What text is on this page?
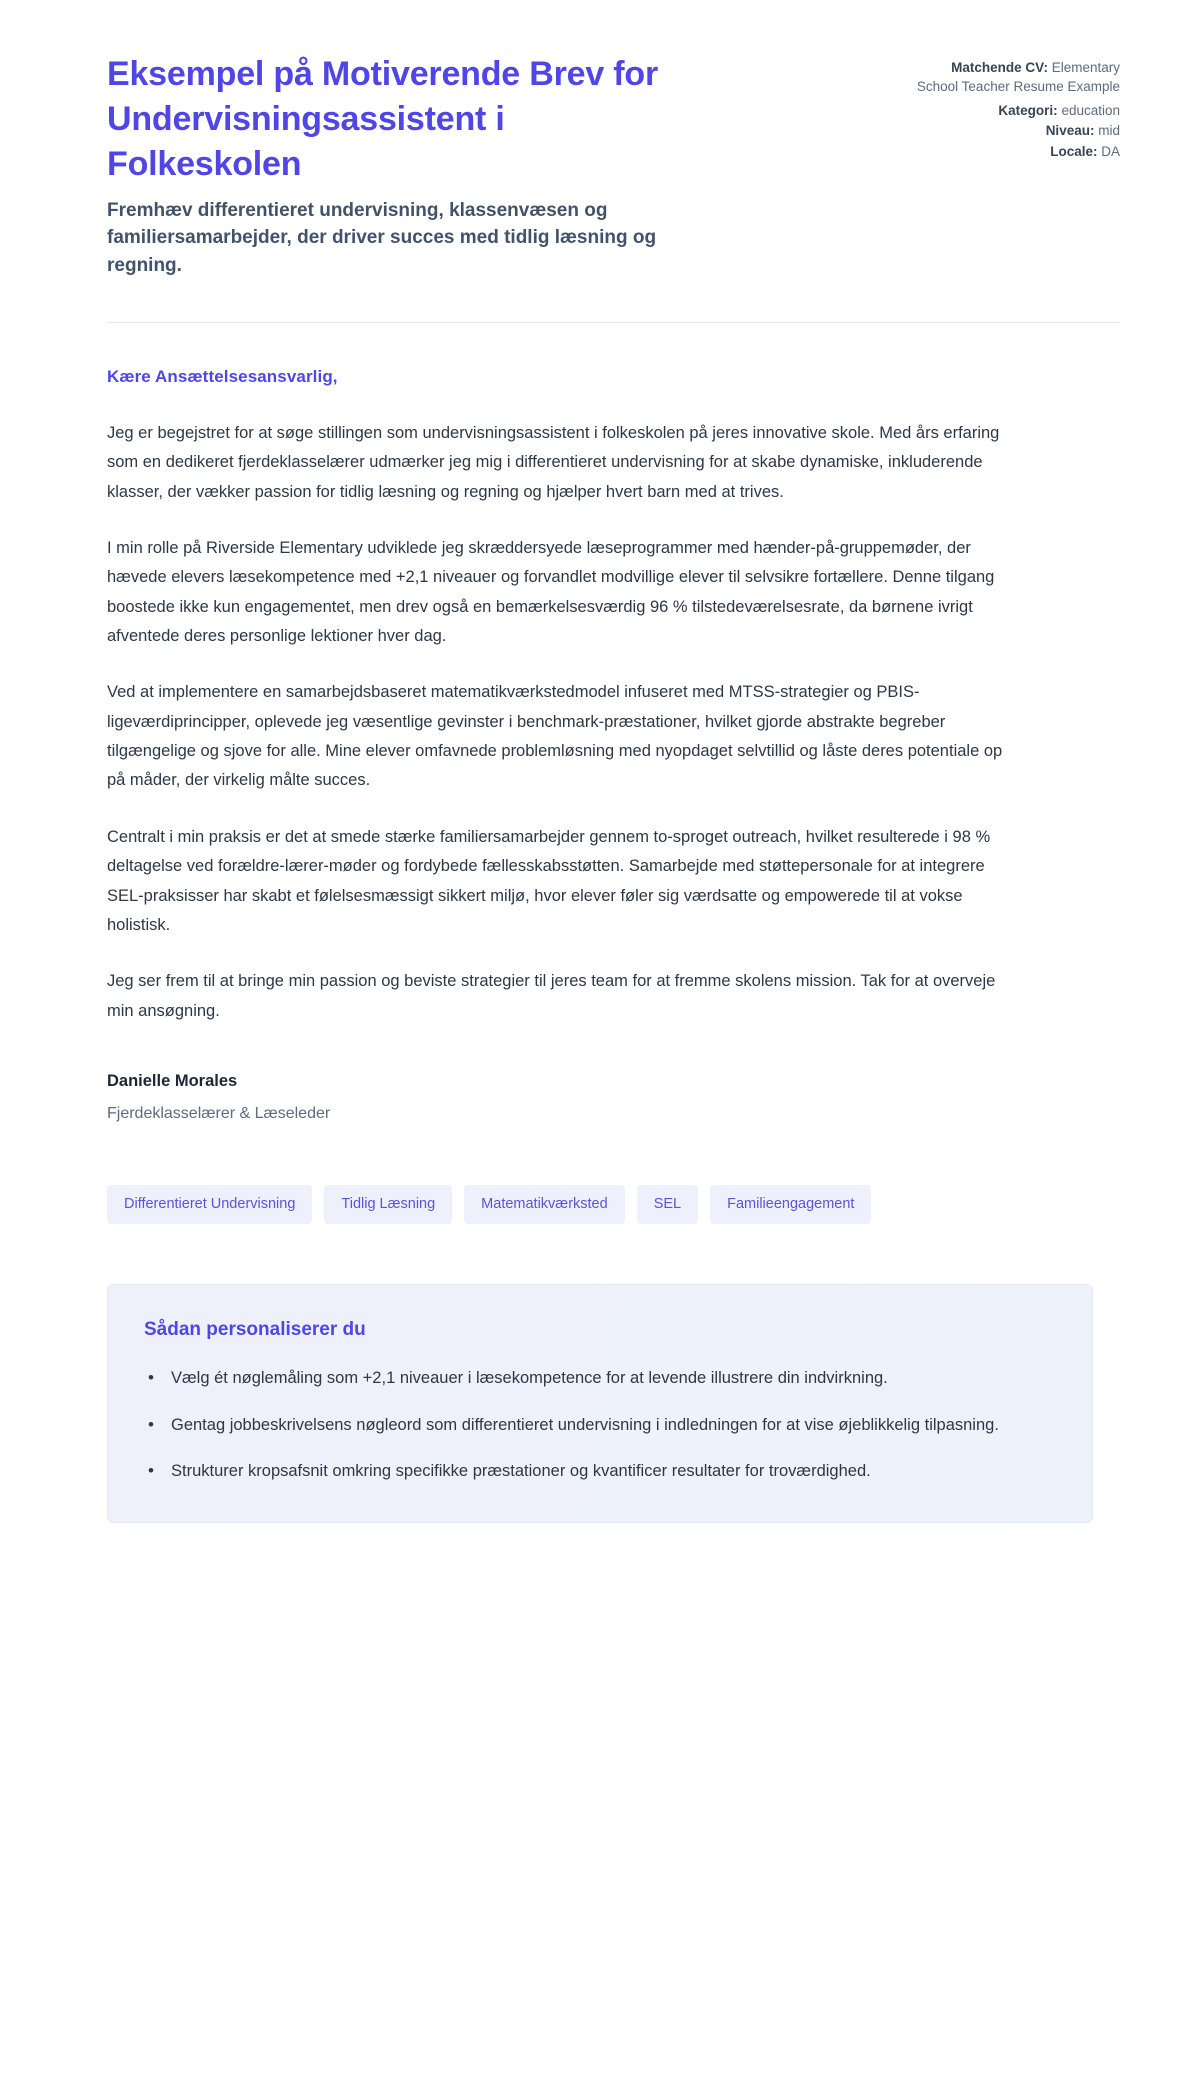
Eksempel på Motiverende Brev for Undervisningsassistent i Folkeskolen

Fremhæv differentieret undervisning, klassenvæsen og familiersamarbejder, der driver succes med tidlig læsning og regning.

Matchende CV: Elementary School Teacher Resume Example
Kategori: education
Niveau: mid
Locale: DA
Kære Ansættelsesansvarlig,

Jeg er begejstret for at søge stillingen som undervisningsassistent i folkeskolen på jeres innovative skole. Med års erfaring som en dedikeret fjerdeklasselærer udmærker jeg mig i differentieret undervisning for at skabe dynamiske, inkluderende klasser, der vækker passion for tidlig læsning og regning og hjælper hvert barn med at trives.

I min rolle på Riverside Elementary udviklede jeg skræddersyede læseprogrammer med hænder-på-gruppemøder, der hævede elevers læsekompetence med +2,1 niveauer og forvandlet modvillige elever til selvsikre fortællere. Denne tilgang boostede ikke kun engagementet, men drev også en bemærkelsesværdig 96 % tilstedeværelsesrate, da børnene ivrigt afventede deres personlige lektioner hver dag.

Ved at implementere en samarbejdsbaseret matematikværkstedmodel infuseret med MTSS-strategier og PBIS-ligeværdiprincipper, oplevede jeg væsentlige gevinster i benchmark-præstationer, hvilket gjorde abstrakte begreber tilgængelige og sjove for alle. Mine elever omfavnede problemløsning med nyopdaget selvtillid og låste deres potentiale op på måder, der virkelig målte succes.

Centralt i min praksis er det at smede stærke familiersamarbejder gennem to-sproget outreach, hvilket resulterede i 98 % deltagelse ved forældre-lærer-møder og fordybede fællesskabsstøtten. Samarbejde med støttepersonale for at integrere SEL-praksisser har skabt et følelsesmæssigt sikkert miljø, hvor elever føler sig værdsatte og empowerede til at vokse holistisk.

Jeg ser frem til at bringe min passion og beviste strategier til jeres team for at fremme skolens mission. Tak for at overveje min ansøgning.

Danielle Morales
Fjerdeklasselærer & Læseleder
Differentieret Undervisning	Tidlig Læsning	Matematikværksted	SEL	Familieengagement
Sådan personaliserer du
• Vælg ét nøglemåling som +2,1 niveauer i læsekompetence for at levende illustrere din indvirkning.
• Gentag jobbeskrivelsens nøgleord som differentieret undervisning i indledningen for at vise øjeblikkelig tilpasning.
• Strukturer kropsafsnit omkring specifikke præstationer og kvantificer resultater for troværdighed.
